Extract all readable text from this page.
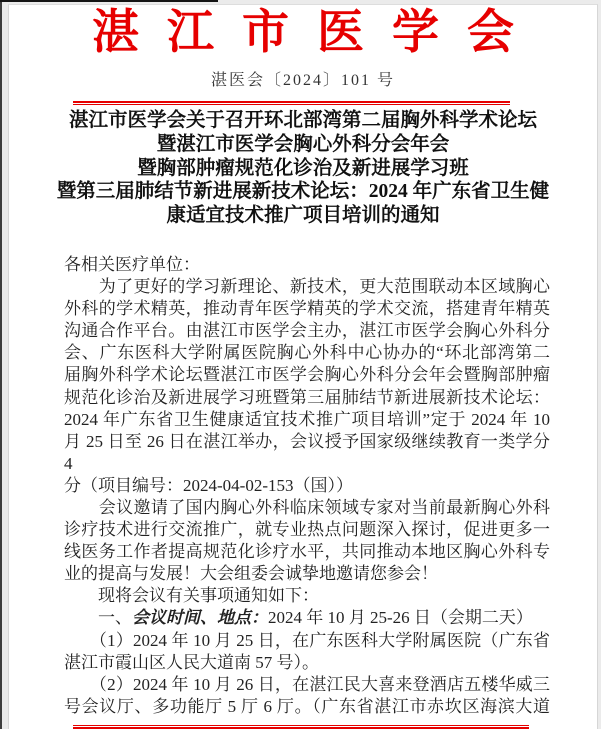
湛江市医学会
湛医会〔2024〕101 号
湛江市医学会关于召开环北部湾第二届胸外科学术论坛
暨湛江市医学会胸心外科分会年会
暨胸部肿瘤规范化诊治及新进展学习班
暨第三届肺结节新进展新技术论坛：2024 年广东省卫生健
康适宜技术推广项目培训的通知
各相关医疗单位：
　　为了更好的学习新理论、新技术，更大范围联动本区域胸心
外科的学术精英，推动青年医学精英的学术交流，搭建青年精英
沟通合作平台。由湛江市医学会主办，湛江市医学会胸心外科分
会、广东医科大学附属医院胸心外科中心协办的“环北部湾第二
届胸外科学术论坛暨湛江市医学会胸心外科分会年会暨胸部肿瘤
规范化诊治及新进展学习班暨第三届肺结节新进展新技术论坛：
2024 年广东省卫生健康适宜技术推广项目培训”定于 2024 年 10
月 25 日至 26 日在湛江举办，会议授予国家级继续教育一类学分 4
分（项目编号：2024-04-02-153（国））
　　会议邀请了国内胸心外科临床领域专家对当前最新胸心外科
诊疗技术进行交流推广，就专业热点问题深入探讨，促进更多一
线医务工作者提高规范化诊疗水平，共同推动本地区胸心外科专
业的提高与发展！大会组委会诚挚地邀请您参会！
　　现将会议有关事项通知如下：
　　一、会议时间、地点：2024 年 10 月 25-26 日（会期二天）
　　（1）2024 年 10 月 25 日，在广东医科大学附属医院（广东省
湛江市霞山区人民大道南 57 号）。
　　（2）2024 年 10 月 26 日，在湛江民大喜来登酒店五楼华威三
号会议厅、多功能厅 5 厅 6 厅。（广东省湛江市赤坎区海滨大道
